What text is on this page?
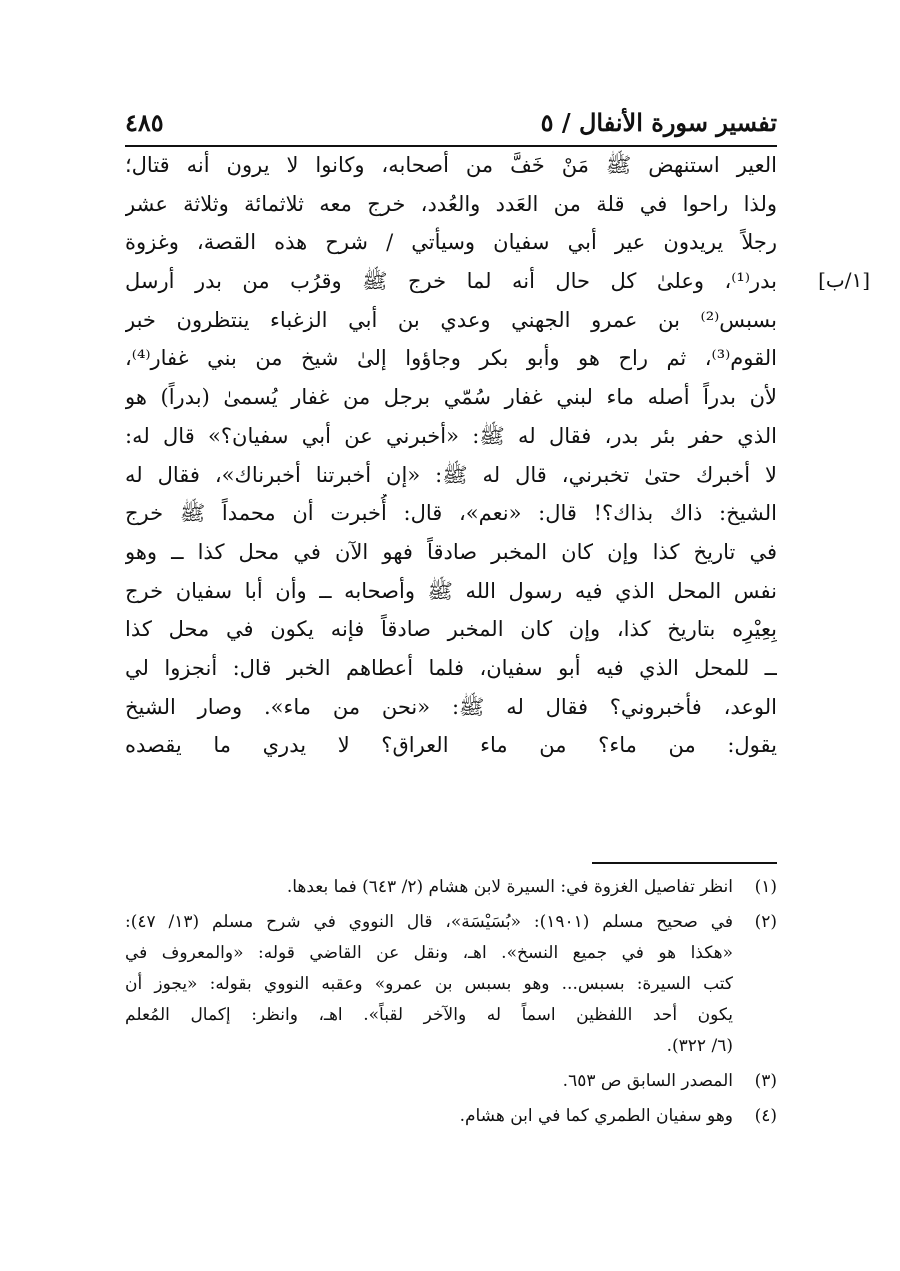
تفسير سورة الأنفال / ٥
٤٨٥
[١/ب]
العير استنهض ﷺ مَنْ خَفَّ من أصحابه، وكانوا لا يرون أنه قتال؛
ولذا راحوا في قلة من العَدد والعُدد، خرج معه ثلاثمائة وثلاثة عشر
رجلاً يريدون عير أبي سفيان وسيأتي / شرح هذه القصة، وغزوة
بدر⁽¹⁾، وعلىٰ كل حال أنه لما خرج ﷺ وقرُب من بدر أرسل
بسبس⁽²⁾ بن عمرو الجهني وعدي بن أبي الزغباء ينتظرون خبر
القوم⁽³⁾، ثم راح هو وأبو بكر وجاؤوا إلىٰ شيخ من بني غفار⁽⁴⁾،
لأن بدراً أصله ماء لبني غفار سُمّي برجل من غفار يُسمىٰ (بدراً) هو
الذي حفر بئر بدر، فقال له ﷺ: «أخبرني عن أبي سفيان؟» قال له:
لا أخبرك حتىٰ تخبرني، قال له ﷺ: «إن أخبرتنا أخبرناك»، فقال له
الشيخ: ذاك بذاك؟! قال: «نعم»، قال: أُخبرت أن محمداً ﷺ خرج
في تاريخ كذا وإن كان المخبر صادقاً فهو الآن في محل كذا ــ وهو
نفس المحل الذي فيه رسول الله ﷺ وأصحابه ــ وأن أبا سفيان خرج
بِعِيْرِه بتاريخ كذا، وإن كان المخبر صادقاً فإنه يكون في محل كذا
ــ للمحل الذي فيه أبو سفيان، فلما أعطاهم الخبر قال: أنجزوا لي
الوعد، فأخبروني؟ فقال له ﷺ: «نحن من ماء». وصار الشيخ
يقول: من ماء؟ من ماء العراق؟ لا يدري ما يقصده
(١)
انظر تفاصيل الغزوة في: السيرة لابن هشام (٢/ ٦٤٣) فما بعدها.
(٢)
في صحيح مسلم (١٩٠١): «بُسَيْسَة»، قال النووي في شرح مسلم (١٣/ ٤٧):
«هكذا هو في جميع النسخ». اهـ، ونقل عن القاضي قوله: «والمعروف في
كتب السيرة: بسبس... وهو بسبس بن عمرو» وعقبه النووي بقوله: «يجوز أن
يكون أحد اللفظين اسماً له والآخر لقباً». اهـ، وانظر: إكمال المُعلم
(٦/ ٣٢٢).
(٣)
المصدر السابق ص ٦٥٣.
(٤)
وهو سفيان الطمري كما في ابن هشام.
